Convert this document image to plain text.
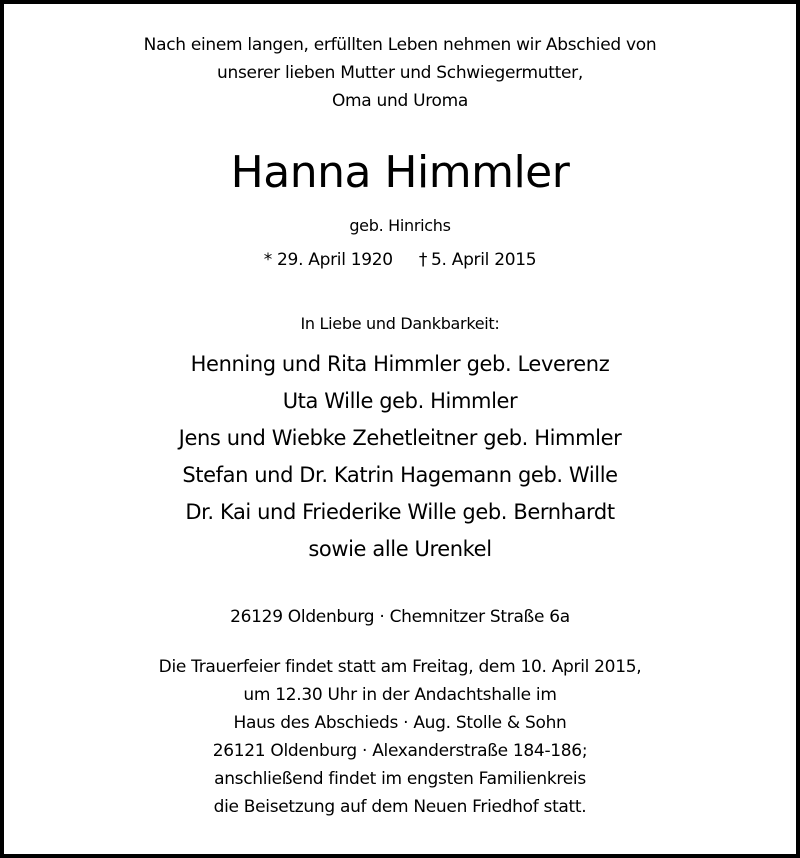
Nach einem langen, erfüllten Leben nehmen wir Abschied von
unserer lieben Mutter und Schwiegermutter,
Oma und Uroma
Hanna Himmler
geb. Hinrichs
* 29. April 1920 † 5. April 2015
In Liebe und Dankbarkeit:
Henning und Rita Himmler geb. Leverenz
Uta Wille geb. Himmler
Jens und Wiebke Zehetleitner geb. Himmler
Stefan und Dr. Katrin Hagemann geb. Wille
Dr. Kai und Friederike Wille geb. Bernhardt
sowie alle Urenkel
26129 Oldenburg · Chemnitzer Straße 6a
Die Trauerfeier findet statt am Freitag, dem 10. April 2015,
um 12.30 Uhr in der Andachtshalle im
Haus des Abschieds · Aug. Stolle & Sohn
26121 Oldenburg · Alexanderstraße 184-186;
anschließend findet im engsten Familienkreis
die Beisetzung auf dem Neuen Friedhof statt.
